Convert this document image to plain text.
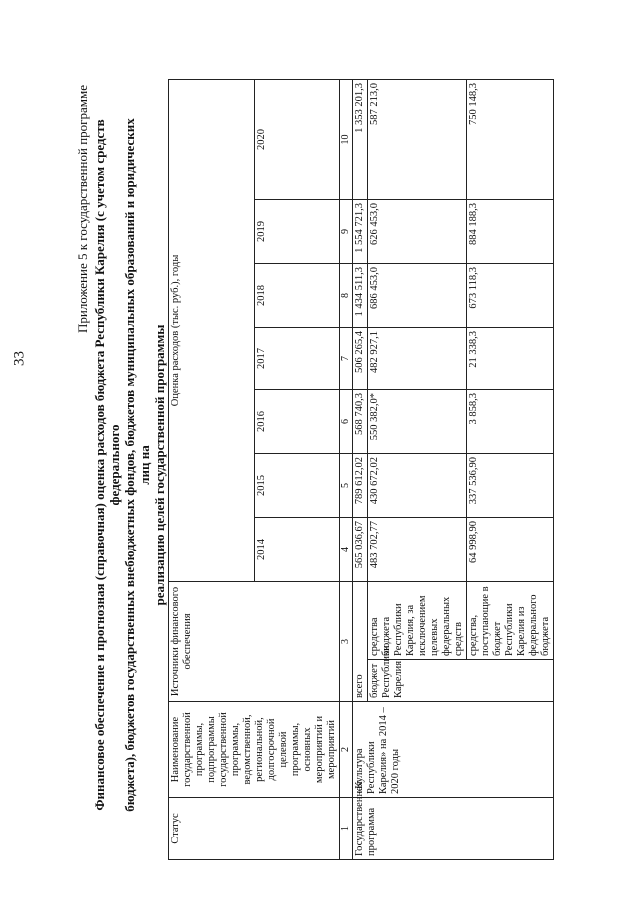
33
Приложение 5 к государственной программе Финансовое обеспечение и прогнозная (справочная) оценка расходов бюджета Республики Карелия (с учетом средств федерального бюджета), бюджетов государственных внебюджетных фондов, бюджетов муниципальных образований и юридических лиц на реализацию целей государственной программы
Статус	Наименование государственной программы, подпрограммы государственной программы, ведомственной, региональной, долгосрочной целевой программы, основных мероприятий и мероприятий	Источники финансового обеспечения		Оценка расходов (тыс. руб.), годы						
				2014	2015	2016	2017	2018	2019	2020
1	2	3		4	5	6	7	8	9	10
Государственная программа	«Культура Республики Карелия» на 2014 – 2020 годы	всего		565 036,67	789 612,02	568 740,3	506 265,4	1 434 511,3	1 554 721,3	1 353 201,3
		бюджет Республики Карелия	средства бюджета Республики Карелия, за исключением целевых федеральных средств	483 702,77	430 672,02	550 382,0*	482 927,1	686 453,0	626 453,0	587 213,0
			средства, поступающие в бюджет Республики Карелия из федерального бюджета	64 998,90	337 536,90	3 858,3	21 338,3	673 118,3	884 188,3	750 148,3
